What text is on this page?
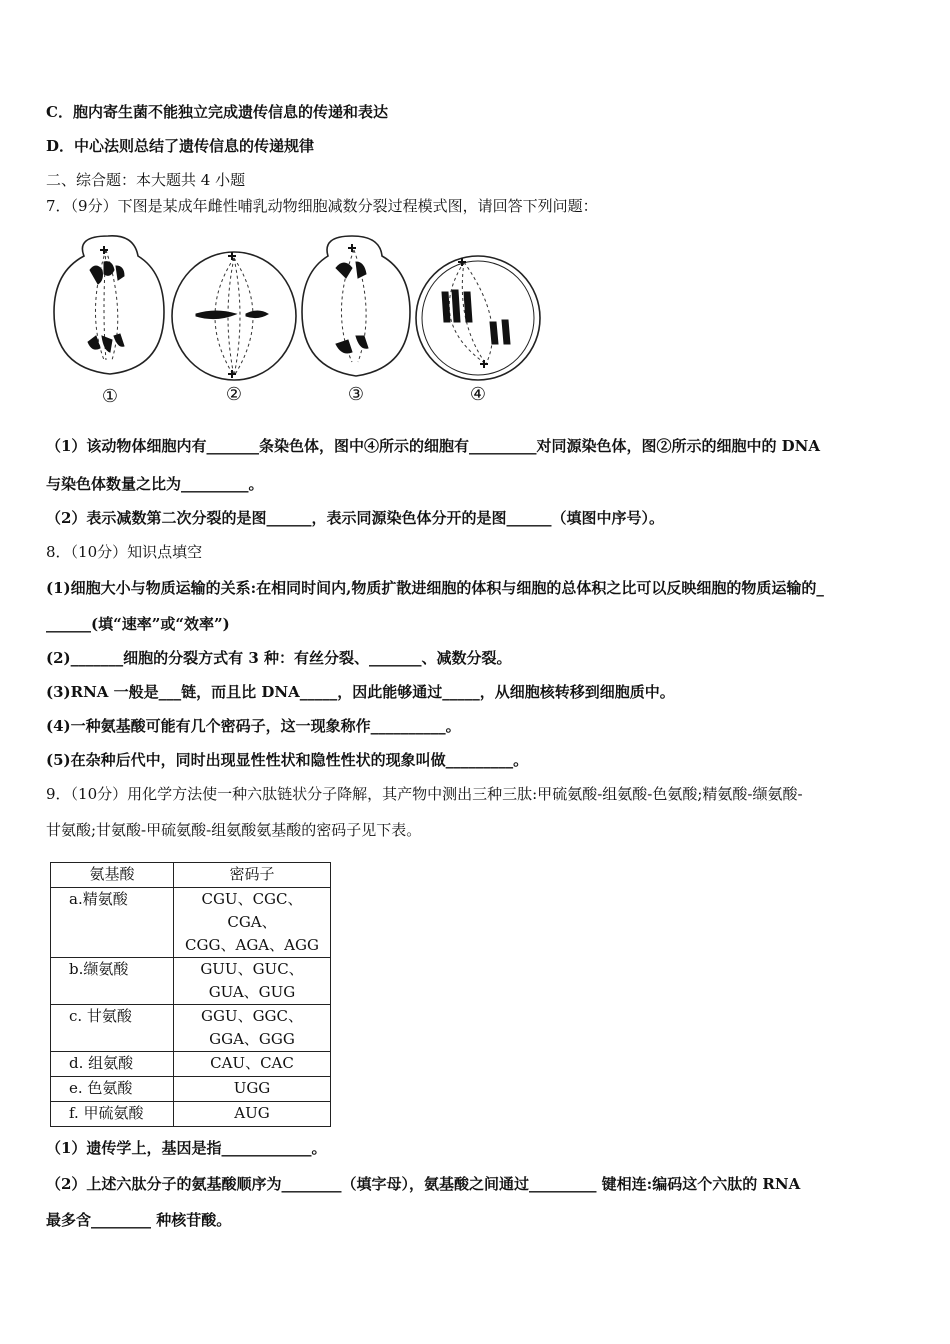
C．胞内寄生菌不能独立完成遗传信息的传递和表达
D．中心法则总结了遗传信息的传递规律
二、综合题：本大题共 4 小题
7．（9分）下图是某成年雌性哺乳动物细胞减数分裂过程模式图，请回答下列问题：
①	②	③	④
（1）该动物体细胞内有_______条染色体，图中④所示的细胞有_________对同源染色体，图②所示的细胞中的 DNA
与染色体数量之比为_________。
（2）表示减数第二次分裂的是图______，表示同源染色体分开的是图______（填图中序号）。
8．（10分）知识点填空
(1)细胞大小与物质运输的关系:在相同时间内,物质扩散进细胞的体积与细胞的总体积之比可以反映细胞的物质运输的_
______(填“速率”或“效率”)
(2)_______细胞的分裂方式有 3 种：有丝分裂、_______、减数分裂。
(3)RNA 一般是___链，而且比 DNA_____，因此能够通过_____，从细胞核转移到细胞质中。
(4)一种氨基酸可能有几个密码子，这一现象称作__________。
(5)在杂种后代中，同时出现显性性状和隐性性状的现象叫做_________。
9．（10分）用化学方法使一种六肽链状分子降解，其产物中测出三种三肽:甲硫氨酸-组氨酸-色氨酸;精氨酸-缬氨酸-
甘氨酸;甘氨酸-甲硫氨酸-组氨酸氨基酸的密码子见下表。
氨基酸	密码子
a.精氨酸	CGU、CGC、CGA、
CGG、AGA、AGG

b.缬氨酸	GUU、GUC、
GUA、GUG

c. 甘氨酸	GGU、GGC、
GGA、GGG

d. 组氨酸	CAU、CAC

e. 色氨酸	UGG

f. 甲硫氨酸	AUG
（1）遗传学上，基因是指____________。
（2）上述六肽分子的氨基酸顺序为________（填字母），氨基酸之间通过_________ 键相连:编码这个六肽的 RNA
最多含________ 种核苷酸。
